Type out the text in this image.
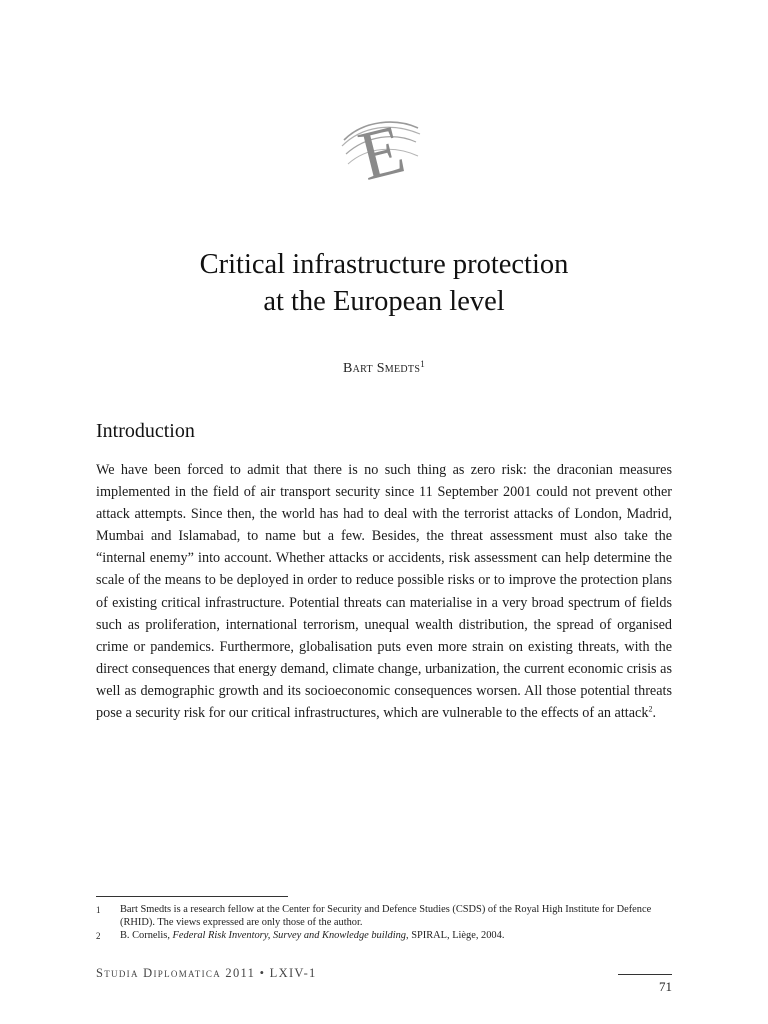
E
Critical infrastructure protection
at the European level
Bart Smedts$^1$
Introduction

We have been forced to admit that there is no such thing as zero risk: the draconian measures implemented in the field of air transport security since 11 September 2001 could not prevent other attack attempts. Since then, the world has had to deal with the terrorist attacks of London, Madrid, Mumbai and Islamabad, to name but a few. Besides, the threat assessment must also take the “internal enemy” into account. Whether attacks or accidents, risk assessment can help determine the scale of the means to be deployed in order to reduce possible risks or to improve the protection plans of existing critical infrastructure. Potential threats can materialise in a very broad spectrum of fields such as proliferation, international terrorism, unequal wealth distribution, the spread of organised crime or pandemics. Furthermore, globalisation puts even more strain on existing threats, with the direct consequences that energy demand, climate change, urbanization, the current economic crisis as well as demographic growth and its socioeconomic consequences worsen. All those potential threats pose a security risk for our critical infrastructures, which are vulnerable to the effects of an attack$^2$.

1	Bart Smedts is a research fellow at the Center for Security and Defence Studies (CSDS) of the Royal High Institute for Defence (RHID). The views expressed are only those of the author.
2	B. Cornelis, Federal Risk Inventory, Survey and Knowledge building, SPIRAL, Liège, 2004.
Studia Diplomatica 2011 • LXIV-1
71
